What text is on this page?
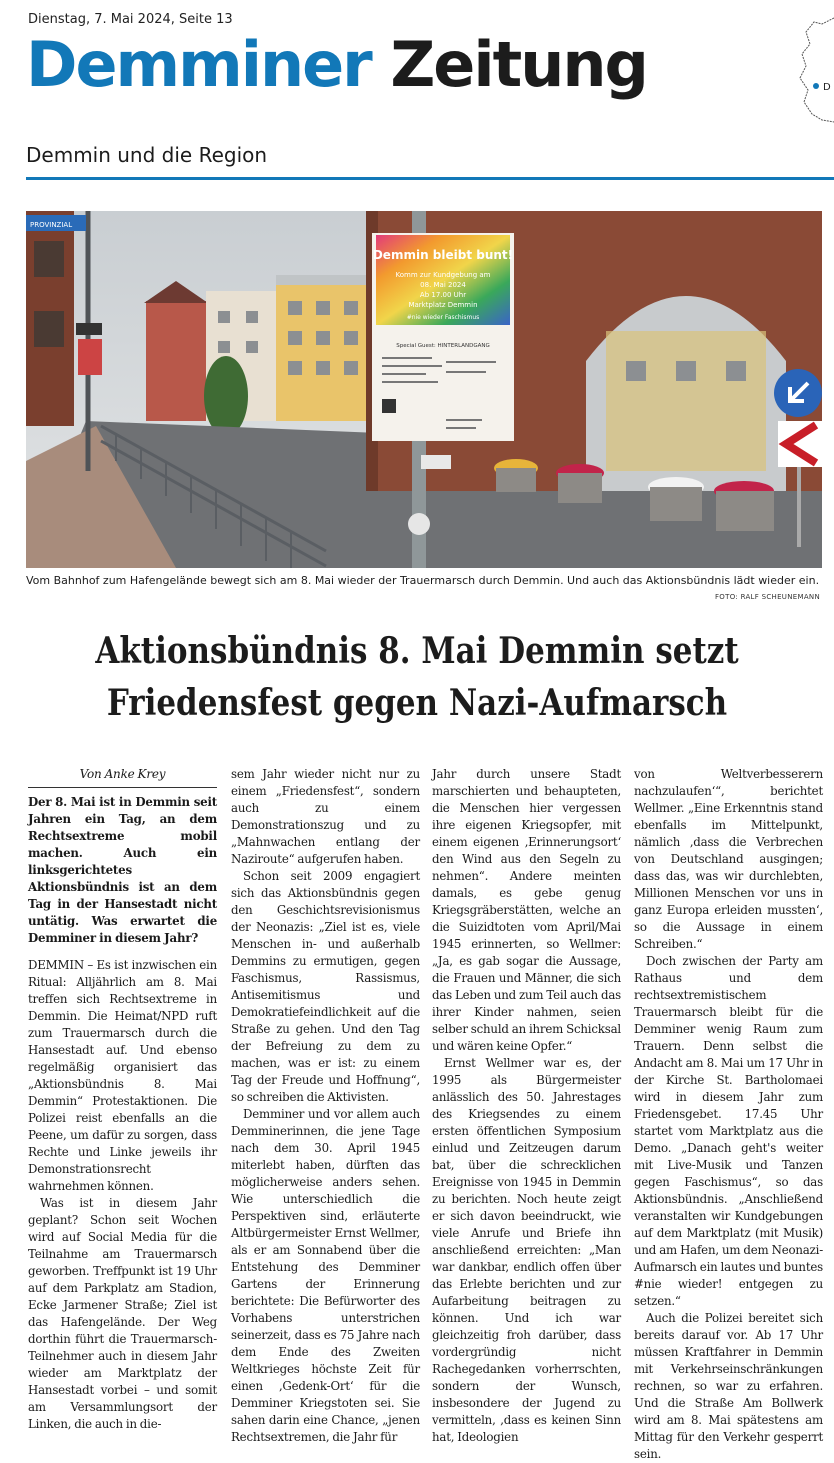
Dienstag, 7. Mai 2024, Seite 13
Demminer Zeitung	D
Demmin und die Region
Demmin bleibt bunt!
Komm zur Kundgebung am
08. Mai 2024
Ab 17.00 Uhr
Marktplatz Demmin
#nie wieder Faschismus
Special Guest: HINTERLANDGANG
PROVINZIAL
Vom Bahnhof zum Hafengelände bewegt sich am 8. Mai wieder der Trauermarsch durch Demmin. Und auch das Aktionsbündnis lädt wieder ein.
FOTO: RALF SCHEUNEMANN
Aktionsbündnis 8. Mai Demmin setzt
Friedensfest gegen Nazi-Aufmarsch
Von Anke Krey
Der 8. Mai ist in Demmin seit Jahren ein Tag, an dem Rechtsextreme mobil machen. Auch ein linksgerichtetes Aktionsbündnis ist an dem Tag in der Hansestadt nicht untätig. Was erwartet die Demminer in diesem Jahr?

DEMMIN – Es ist inzwischen ein Ritual: Alljährlich am 8. Mai treffen sich Rechtsextreme in Demmin. Die Heimat/NPD ruft zum Trauermarsch durch die Hansestadt auf. Und ebenso regelmäßig organisiert das „Aktionsbündnis 8. Mai Demmin“ Protestaktionen. Die Polizei reist ebenfalls an die Peene, um dafür zu sorgen, dass Rechte und Linke jeweils ihr Demonstrationsrecht wahrnehmen können.

Was ist in diesem Jahr geplant? Schon seit Wochen wird auf Social Media für die Teilnahme am Trauermarsch geworben. Treffpunkt ist 19 Uhr auf dem Parkplatz am Stadion, Ecke Jarmener Straße; Ziel ist das Hafengelände. Der Weg dorthin führt die Trauermarsch-Teilnehmer auch in diesem Jahr wieder am Marktplatz der Hansestadt vorbei – und somit am Versammlungsort der Linken, die auch in die-

sem Jahr wieder nicht nur zu einem „Friedensfest“, sondern auch zu einem Demonstrationszug und zu „Mahnwachen entlang der Naziroute“ aufgerufen haben.

Schon seit 2009 engagiert sich das Aktionsbündnis gegen den Geschichtsrevisionismus der Neonazis: „Ziel ist es, viele Menschen in- und außerhalb Demmins zu ermutigen, gegen Faschismus, Rassismus, Antisemitismus und Demokratiefeindlichkeit auf die Straße zu gehen. Und den Tag der Befreiung zu dem zu machen, was er ist: zu einem Tag der Freude und Hoffnung“, so schreiben die Aktivisten.

Demminer und vor allem auch Demminerinnen, die jene Tage nach dem 30. April 1945 miterlebt haben, dürften das möglicherweise anders sehen. Wie unterschiedlich die Perspektiven sind, erläuterte Altbürgermeister Ernst Wellmer, als er am Sonnabend über die Entstehung des Demminer Gartens der Erinnerung berichtete: Die Befürworter des Vorhabens unterstrichen seinerzeit, dass es 75 Jahre nach dem Ende des Zweiten Weltkrieges höchste Zeit für einen ‚Gedenk-Ort‘ für die Demminer Kriegstoten sei. Sie sahen darin eine Chance, „jenen Rechtsextremen, die Jahr für

Jahr durch unsere Stadt marschierten und behaupteten, die Menschen hier vergessen ihre eigenen Kriegsopfer, mit einem eigenen ‚Erinnerungsort‘ den Wind aus den Segeln zu nehmen“. Andere meinten damals, es gebe genug Kriegsgräberstätten, welche an die Suizidtoten vom April/Mai 1945 erinnerten, so Wellmer: „Ja, es gab sogar die Aussage, die Frauen und Männer, die sich das Leben und zum Teil auch das ihrer Kinder nahmen, seien selber schuld an ihrem Schicksal und wären keine Opfer.“

Ernst Wellmer war es, der 1995 als Bürgermeister anlässlich des 50. Jahrestages des Kriegsendes zu einem ersten öffentlichen Symposium einlud und Zeitzeugen darum bat, über die schrecklichen Ereignisse von 1945 in Demmin zu berichten. Noch heute zeigt er sich davon beeindruckt, wie viele Anrufe und Briefe ihn anschließend erreichten: „Man war dankbar, endlich offen über das Erlebte berichten und zur Aufarbeitung beitragen zu können. Und ich war gleichzeitig froh darüber, dass vordergründig nicht Rachegedanken vorherrschten, sondern der Wunsch, insbesondere der Jugend zu vermitteln, ‚dass es keinen Sinn hat, Ideologien

von Weltverbesserern nachzulaufen‘“, berichtet Wellmer. „Eine Erkenntnis stand ebenfalls im Mittelpunkt, nämlich ‚dass die Verbrechen von Deutschland ausgingen; dass das, was wir durchlebten, Millionen Menschen vor uns in ganz Europa erleiden mussten‘, so die Aussage in einem Schreiben.“

Doch zwischen der Party am Rathaus und dem rechtsextremistischem Trauermarsch bleibt für die Demminer wenig Raum zum Trauern. Denn selbst die Andacht am 8. Mai um 17 Uhr in der Kirche St. Bartholomaei wird in diesem Jahr zum Friedensgebet. 17.45 Uhr startet vom Marktplatz aus die Demo. „Danach geht's weiter mit Live-Musik und Tanzen gegen Faschismus“, so das Aktionsbündnis. „Anschließend veranstalten wir Kundgebungen auf dem Marktplatz (mit Musik) und am Hafen, um dem Neonazi-Aufmarsch ein lautes und buntes #nie wieder! entgegen zu setzen.“

Auch die Polizei bereitet sich bereits darauf vor. Ab 17 Uhr müssen Kraftfahrer in Demmin mit Verkehrseinschränkungen rechnen, so war zu erfahren. Und die Straße Am Bollwerk wird am 8. Mai spätestens am Mittag für den Verkehr gesperrt sein.
